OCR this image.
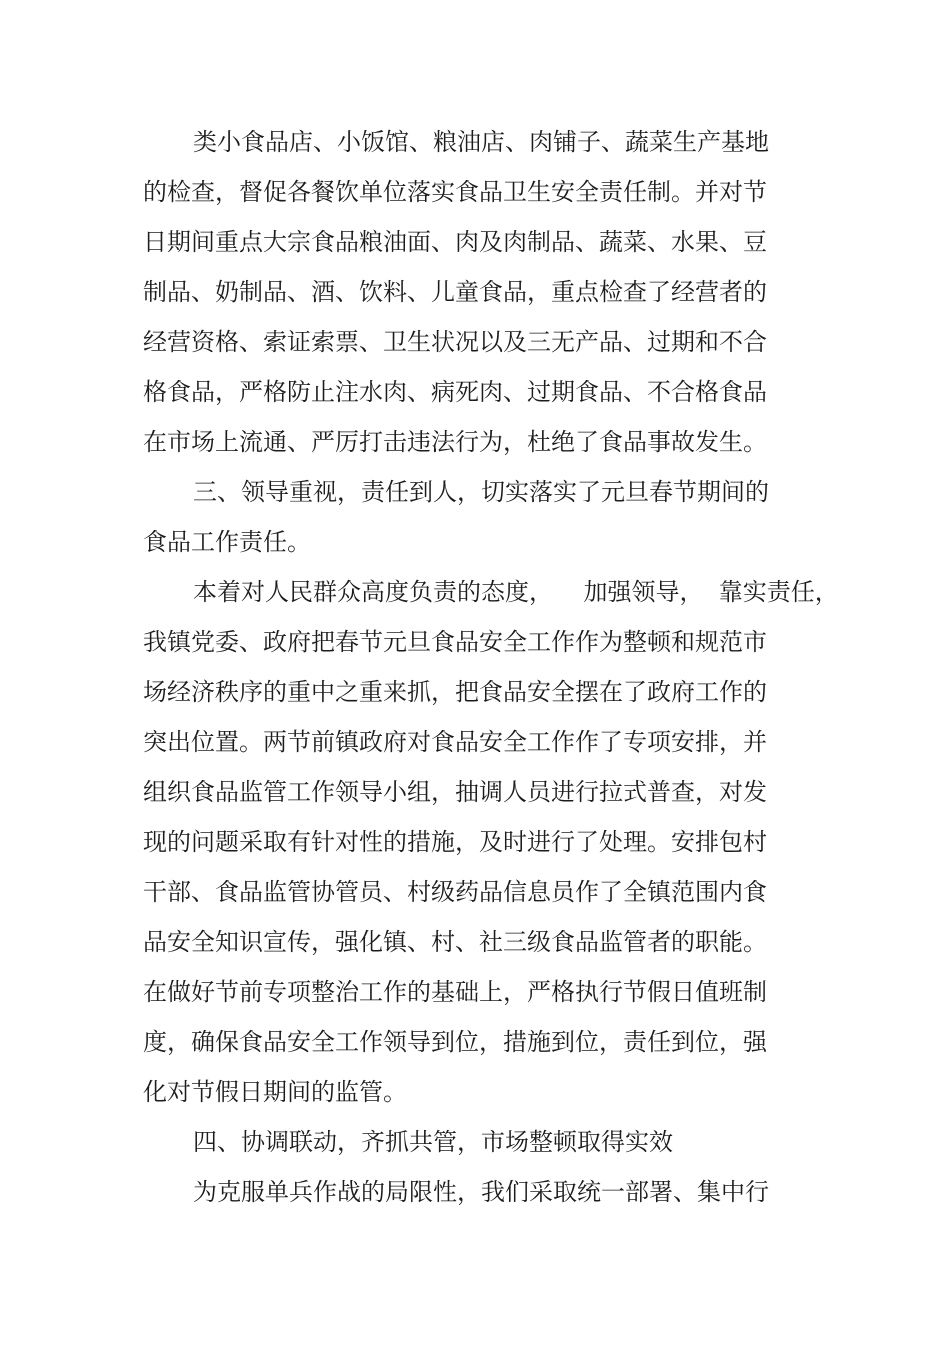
类小食品店、小饭馆、粮油店、肉铺子、蔬菜生产基地
的检查，督促各餐饮单位落实食品卫生安全责任制。并对节
日期间重点大宗食品粮油面、肉及肉制品、蔬菜、水果、豆
制品、奶制品、酒、饮料、儿童食品，重点检查了经营者的
经营资格、索证索票、卫生状况以及三无产品、过期和不合
格食品，严格防止注水肉、病死肉、过期食品、不合格食品
在市场上流通、严厉打击违法行为，杜绝了食品事故发生。
三、领导重视，责任到人，切实落实了元旦春节期间的
食品工作责任。
本着对人民群众高度负责的态度，    加强领导，  靠实责任，
我镇党委、政府把春节元旦食品安全工作作为整顿和规范市
场经济秩序的重中之重来抓，把食品安全摆在了政府工作的
突出位置。两节前镇政府对食品安全工作作了专项安排，并
组织食品监管工作领导小组，抽调人员进行拉式普查，对发
现的问题采取有针对性的措施，及时进行了处理。安排包村
干部、食品监管协管员、村级药品信息员作了全镇范围内食
品安全知识宣传，强化镇、村、社三级食品监管者的职能。
在做好节前专项整治工作的基础上，严格执行节假日值班制
度，确保食品安全工作领导到位，措施到位，责任到位，强
化对节假日期间的监管。
四、协调联动，齐抓共管，市场整顿取得实效
为克服单兵作战的局限性，我们采取统一部署、集中行
